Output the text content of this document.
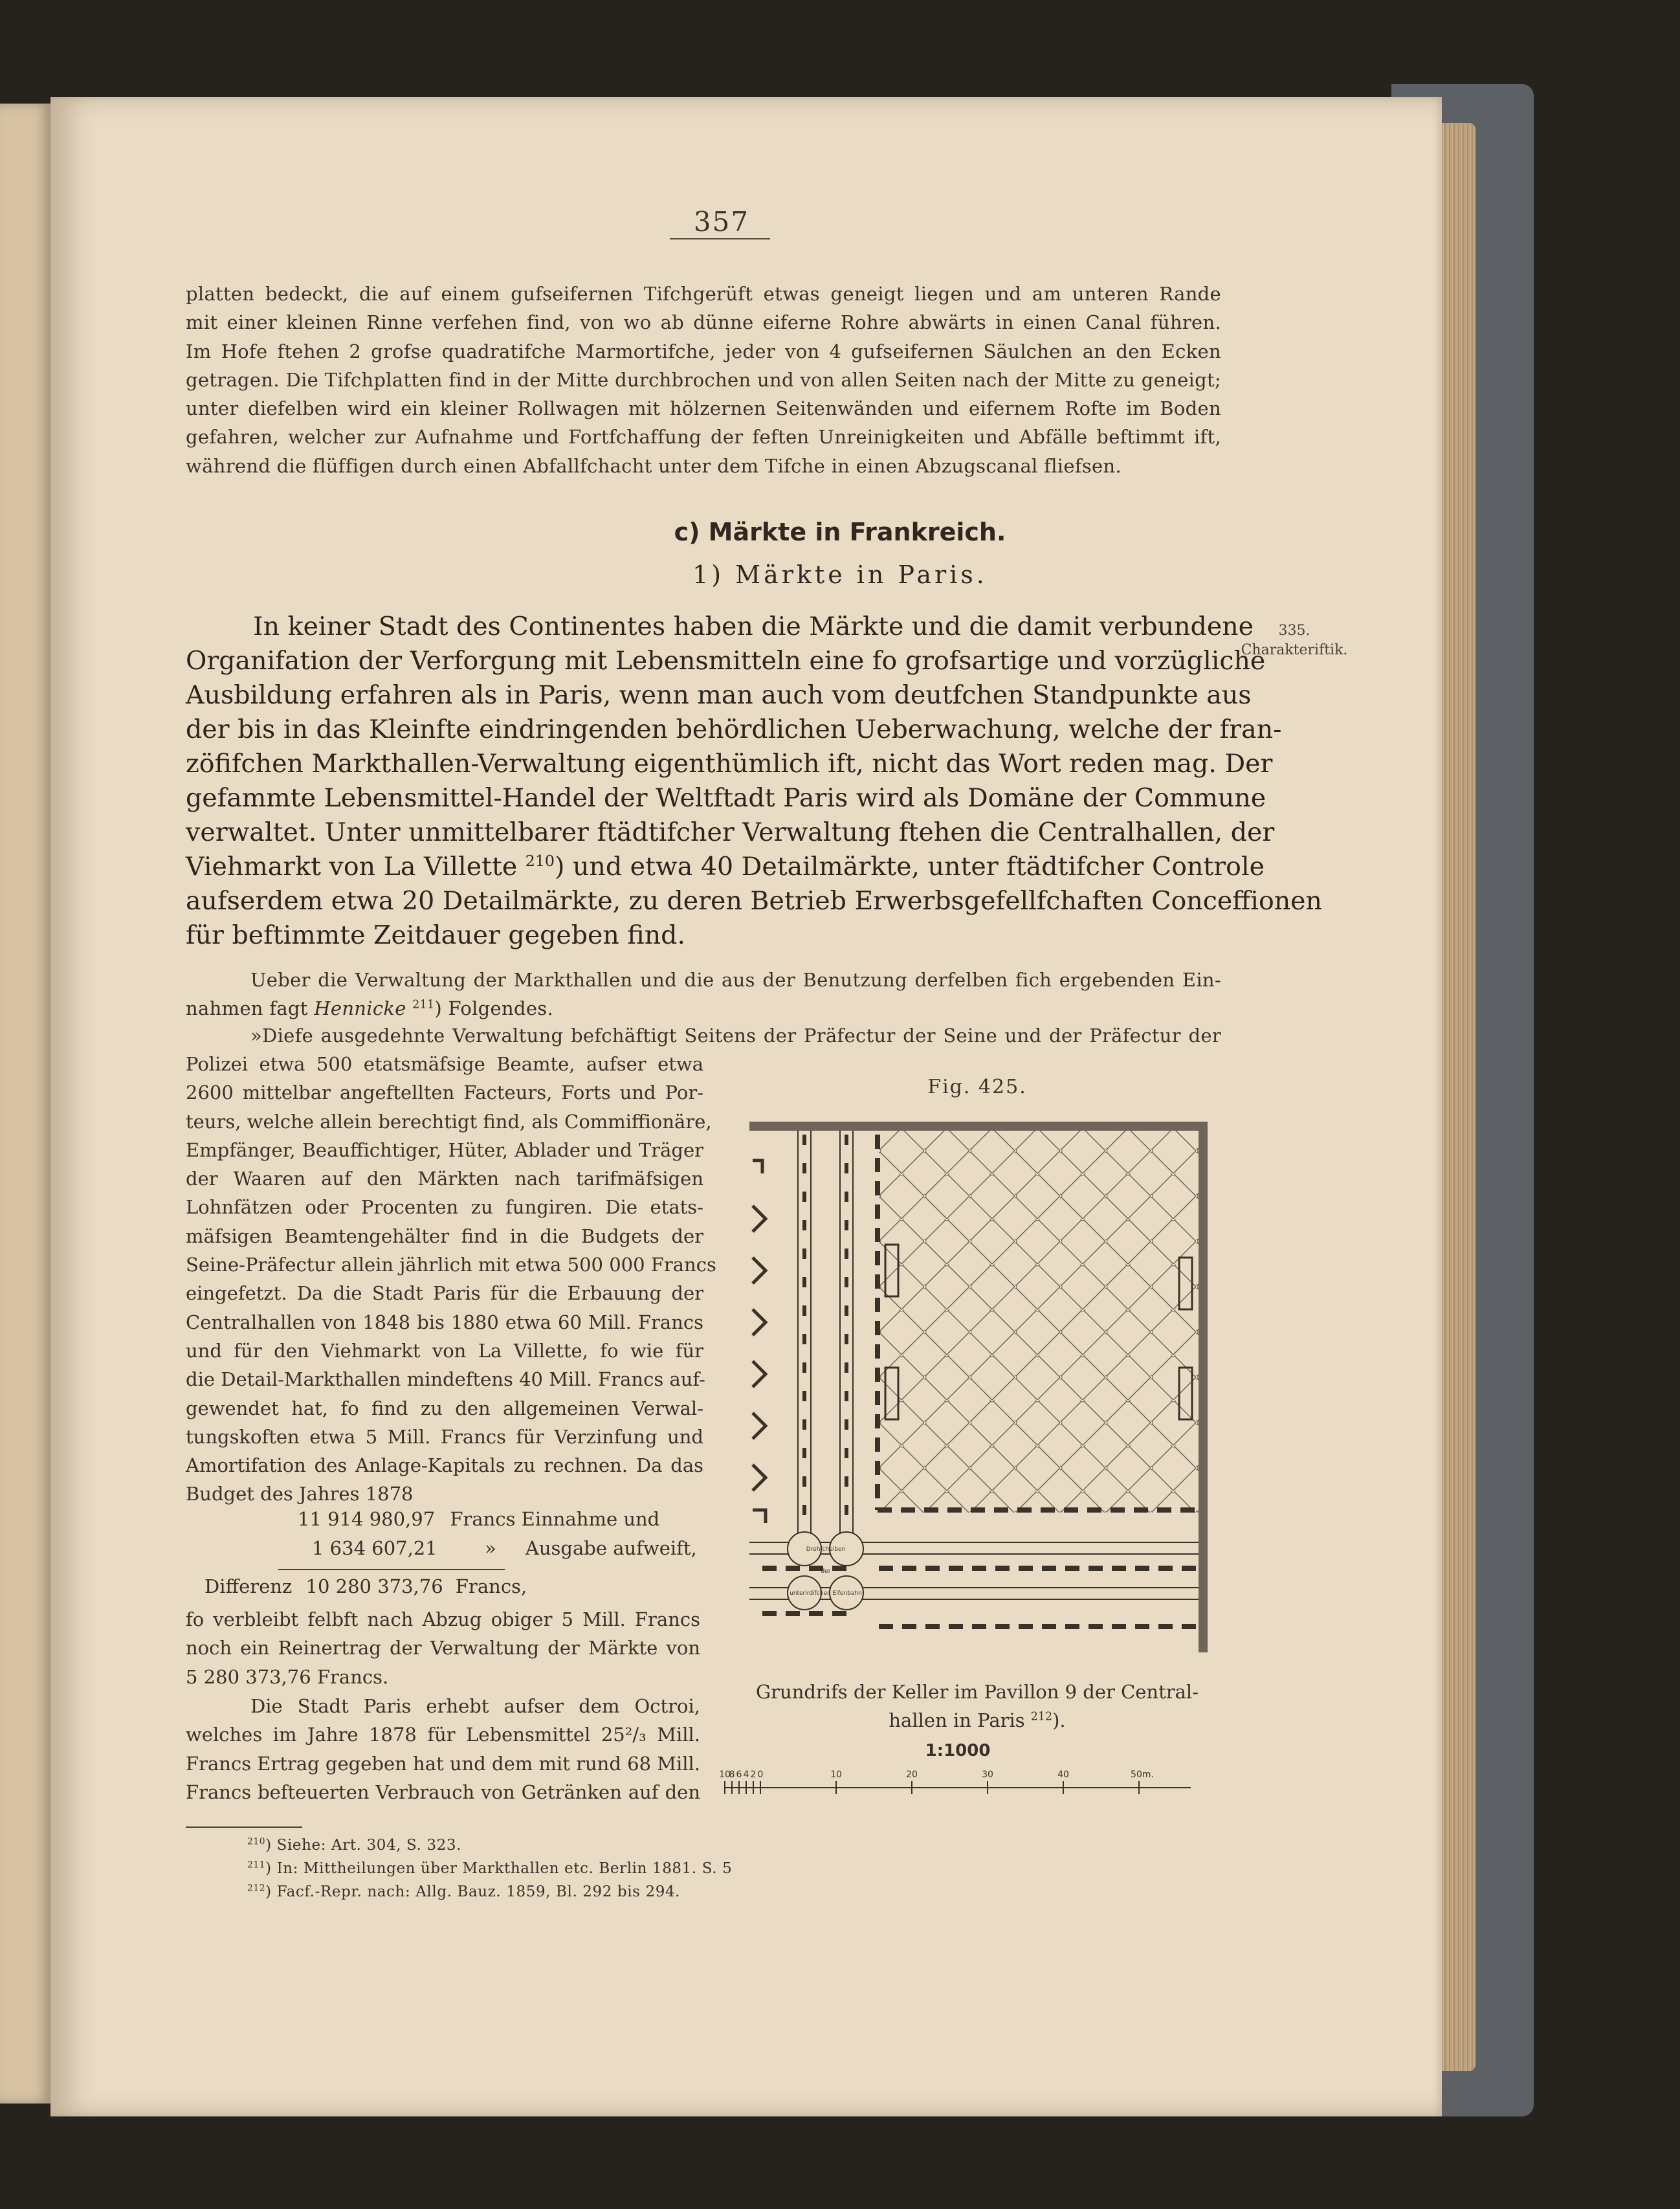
357
platten bedeckt, die auf einem gufseifernen Tifchgerüft etwas geneigt liegen und am unteren Rande
mit einer kleinen Rinne verfehen find, von wo ab dünne eiferne Rohre abwärts in einen Canal führen.
Im Hofe ftehen 2 grofse quadratifche Marmortifche, jeder von 4 gufseifernen Säulchen an den Ecken
getragen. Die Tifchplatten find in der Mitte durchbrochen und von allen Seiten nach der Mitte zu geneigt;
unter diefelben wird ein kleiner Rollwagen mit hölzernen Seitenwänden und eifernem Rofte im Boden
gefahren, welcher zur Aufnahme und Fortfchaffung der feften Unreinigkeiten und Abfälle beftimmt ift,
während die flüffigen durch einen Abfallfchacht unter dem Tifche in einen Abzugscanal fliefsen.
c) Märkte in Frankreich.
1) Märkte in Paris.
335.
Charakteriftik.
In keiner Stadt des Continentes haben die Märkte und die damit verbundene
Organifation der Verforgung mit Lebensmitteln eine fo grofsartige und vorzügliche
Ausbildung erfahren als in Paris, wenn man auch vom deutfchen Standpunkte aus
der bis in das Kleinfte eindringenden behördlichen Ueberwachung, welche der fran-
zöfifchen Markthallen-Verwaltung eigenthümlich ift, nicht das Wort reden mag. Der
gefammte Lebensmittel-Handel der Weltftadt Paris wird als Domäne der Commune
verwaltet. Unter unmittelbarer ftädtifcher Verwaltung ftehen die Centralhallen, der
Viehmarkt von La Villette $^{210}$) und etwa 40 Detailmärkte, unter ftädtifcher Controle
aufserdem etwa 20 Detailmärkte, zu deren Betrieb Erwerbsgefellfchaften Conceffionen
für beftimmte Zeitdauer gegeben find.
Ueber die Verwaltung der Markthallen und die aus der Benutzung derfelben fich ergebenden Ein-
nahmen fagt Hennicke $^{211}$) Folgendes.
»Diefe ausgedehnte Verwaltung befchäftigt Seitens der Präfectur der Seine und der Präfectur der
Polizei etwa 500 etatsmäfsige Beamte, aufser etwa
2600 mittelbar angeftellten Facteurs, Forts und Por-
teurs, welche allein berechtigt find, als Commiffionäre,
Empfänger, Beauffichtiger, Hüter, Ablader und Träger
der Waaren auf den Märkten nach tarifmäfsigen
Lohnfätzen oder Procenten zu fungiren. Die etats-
mäfsigen Beamtengehälter find in die Budgets der
Seine-Präfectur allein jährlich mit etwa 500 000 Francs
eingefetzt. Da die Stadt Paris für die Erbauung der
Centralhallen von 1848 bis 1880 etwa 60 Mill. Francs
und für den Viehmarkt von La Villette, fo wie für
die Detail-Markthallen mindeftens 40 Mill. Francs auf-
gewendet hat, fo find zu den allgemeinen Verwal-
tungskoften etwa 5 Mill. Francs für Verzinfung und
Amortifation des Anlage-Kapitals zu rechnen. Da das
Budget des Jahres 1878
11 914 980,97 Francs Einnahme und
1 634 607,21	» Ausgabe aufweift,
Differenz 10 280 373,76 Francs,
fo verbleibt felbft nach Abzug obiger 5 Mill. Francs
noch ein Reinertrag der Verwaltung der Märkte von
5 280 373,76 Francs.
Die Stadt Paris erhebt aufser dem Octroi,
welches im Jahre 1878 für Lebensmittel 25²/₃ Mill.
Francs Ertrag gegeben hat und dem mit rund 68 Mill.
Francs befteuerten Verbrauch von Getränken auf den
Fig. 425.
Drehfcheiben
der
unterirdifchen Eifenbahn
Grundrifs der Keller im Pavillon 9 der Central-
hallen in Paris $^{212}$).
1:1000
10
8 6 4 2 0	10	20	30	40	50m.
$^{210}$) Siehe: Art. 304, S. 323.
$^{211}$) In: Mittheilungen über Markthallen etc. Berlin 1881. S. 5
$^{212}$) Facf.-Repr. nach: Allg. Bauz. 1859, Bl. 292 bis 294.
